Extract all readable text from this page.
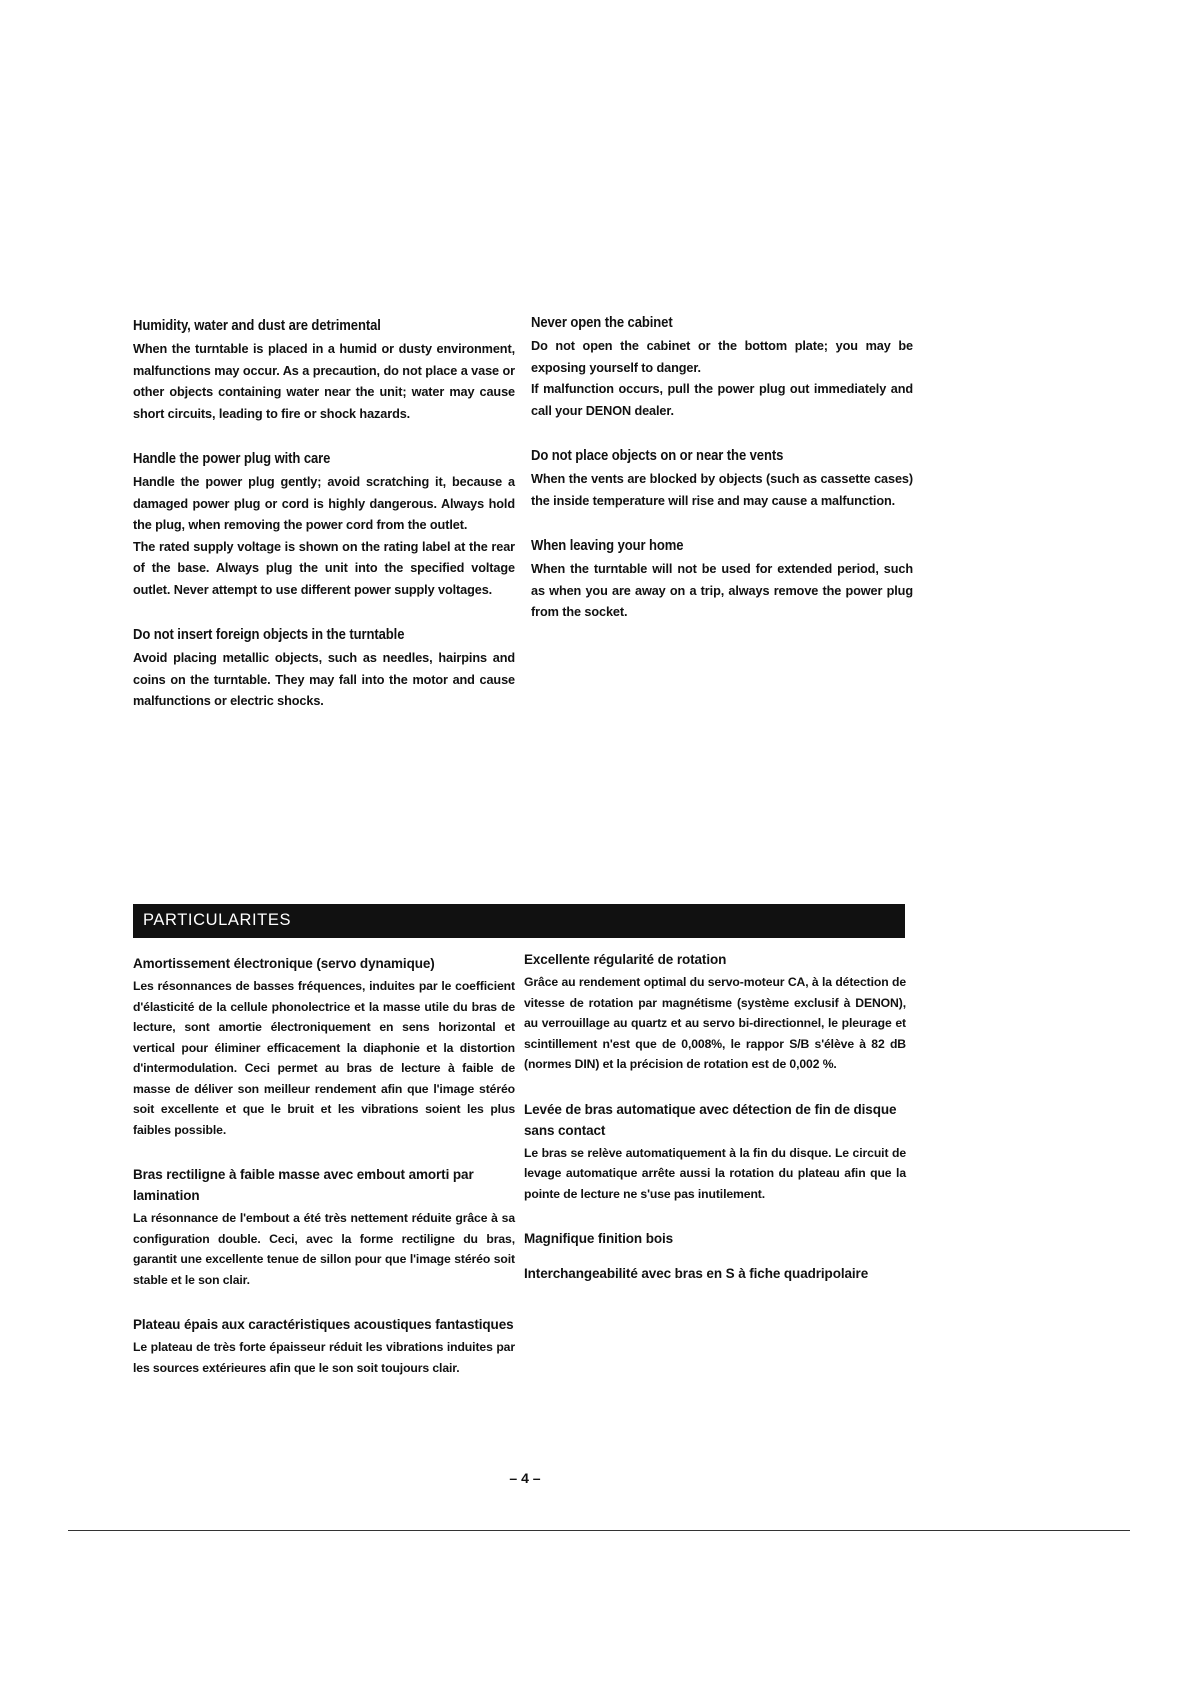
Humidity, water and dust are detrimental

When the turntable is placed in a humid or dusty environment, malfunctions may occur. As a precaution, do not place a vase or other objects containing water near the unit; water may cause short circuits, leading to fire or shock hazards.

Handle the power plug with care

Handle the power plug gently; avoid scratching it, because a damaged power plug or cord is highly dangerous. Always hold the plug, when removing the power cord from the outlet.

The rated supply voltage is shown on the rating label at the rear of the base. Always plug the unit into the specified voltage outlet. Never attempt to use different power supply voltages.

Do not insert foreign objects in the turntable

Avoid placing metallic objects, such as needles, hairpins and coins on the turntable. They may fall into the motor and cause malfunctions or electric shocks.

Never open the cabinet

Do not open the cabinet or the bottom plate; you may be exposing yourself to danger.

If malfunction occurs, pull the power plug out immediately and call your DENON dealer.

Do not place objects on or near the vents

When the vents are blocked by objects (such as cassette cases) the inside temperature will rise and may cause a malfunction.

When leaving your home

When the turntable will not be used for extended period, such as when you are away on a trip, always remove the power plug from the socket.

PARTICULARITES
Amortissement électronique (servo dynamique)

Les résonnances de basses fréquences, induites par le coefficient d'élasticité de la cellule phonolectrice et la masse utile du bras de lecture, sont amortie électroniquement en sens horizontal et vertical pour éliminer efficacement la diaphonie et la distortion d'intermodulation. Ceci permet au bras de lecture à faible de masse de déliver son meilleur rendement afin que l'image stéréo soit excellente et que le bruit et les vibrations soient les plus faibles possible.

Bras rectiligne à faible masse avec embout amorti par lamination

La résonnance de l'embout a été très nettement réduite grâce à sa configuration double. Ceci, avec la forme rectiligne du bras, garantit une excellente tenue de sillon pour que l'image stéréo soit stable et le son clair.

Plateau épais aux caractéristiques acoustiques fantastiques

Le plateau de très forte épaisseur réduit les vibrations induites par les sources extérieures afin que le son soit toujours clair.

Excellente régularité de rotation

Grâce au rendement optimal du servo-moteur CA, à la détection de vitesse de rotation par magnétisme (système exclusif à DENON), au verrouillage au quartz et au servo bi-directionnel, le pleurage et scintillement n'est que de 0,008%, le rappor S/B s'élève à 82 dB (normes DIN) et la précision de rotation est de 0,002 %.

Levée de bras automatique avec détection de fin de disque sans contact

Le bras se relève automatiquement à la fin du disque. Le circuit de levage automatique arrête aussi la rotation du plateau afin que la pointe de lecture ne s'use pas inutilement.

Magnifique finition bois
Interchangeabilité avec bras en S à fiche quadripolaire
– 4 –
